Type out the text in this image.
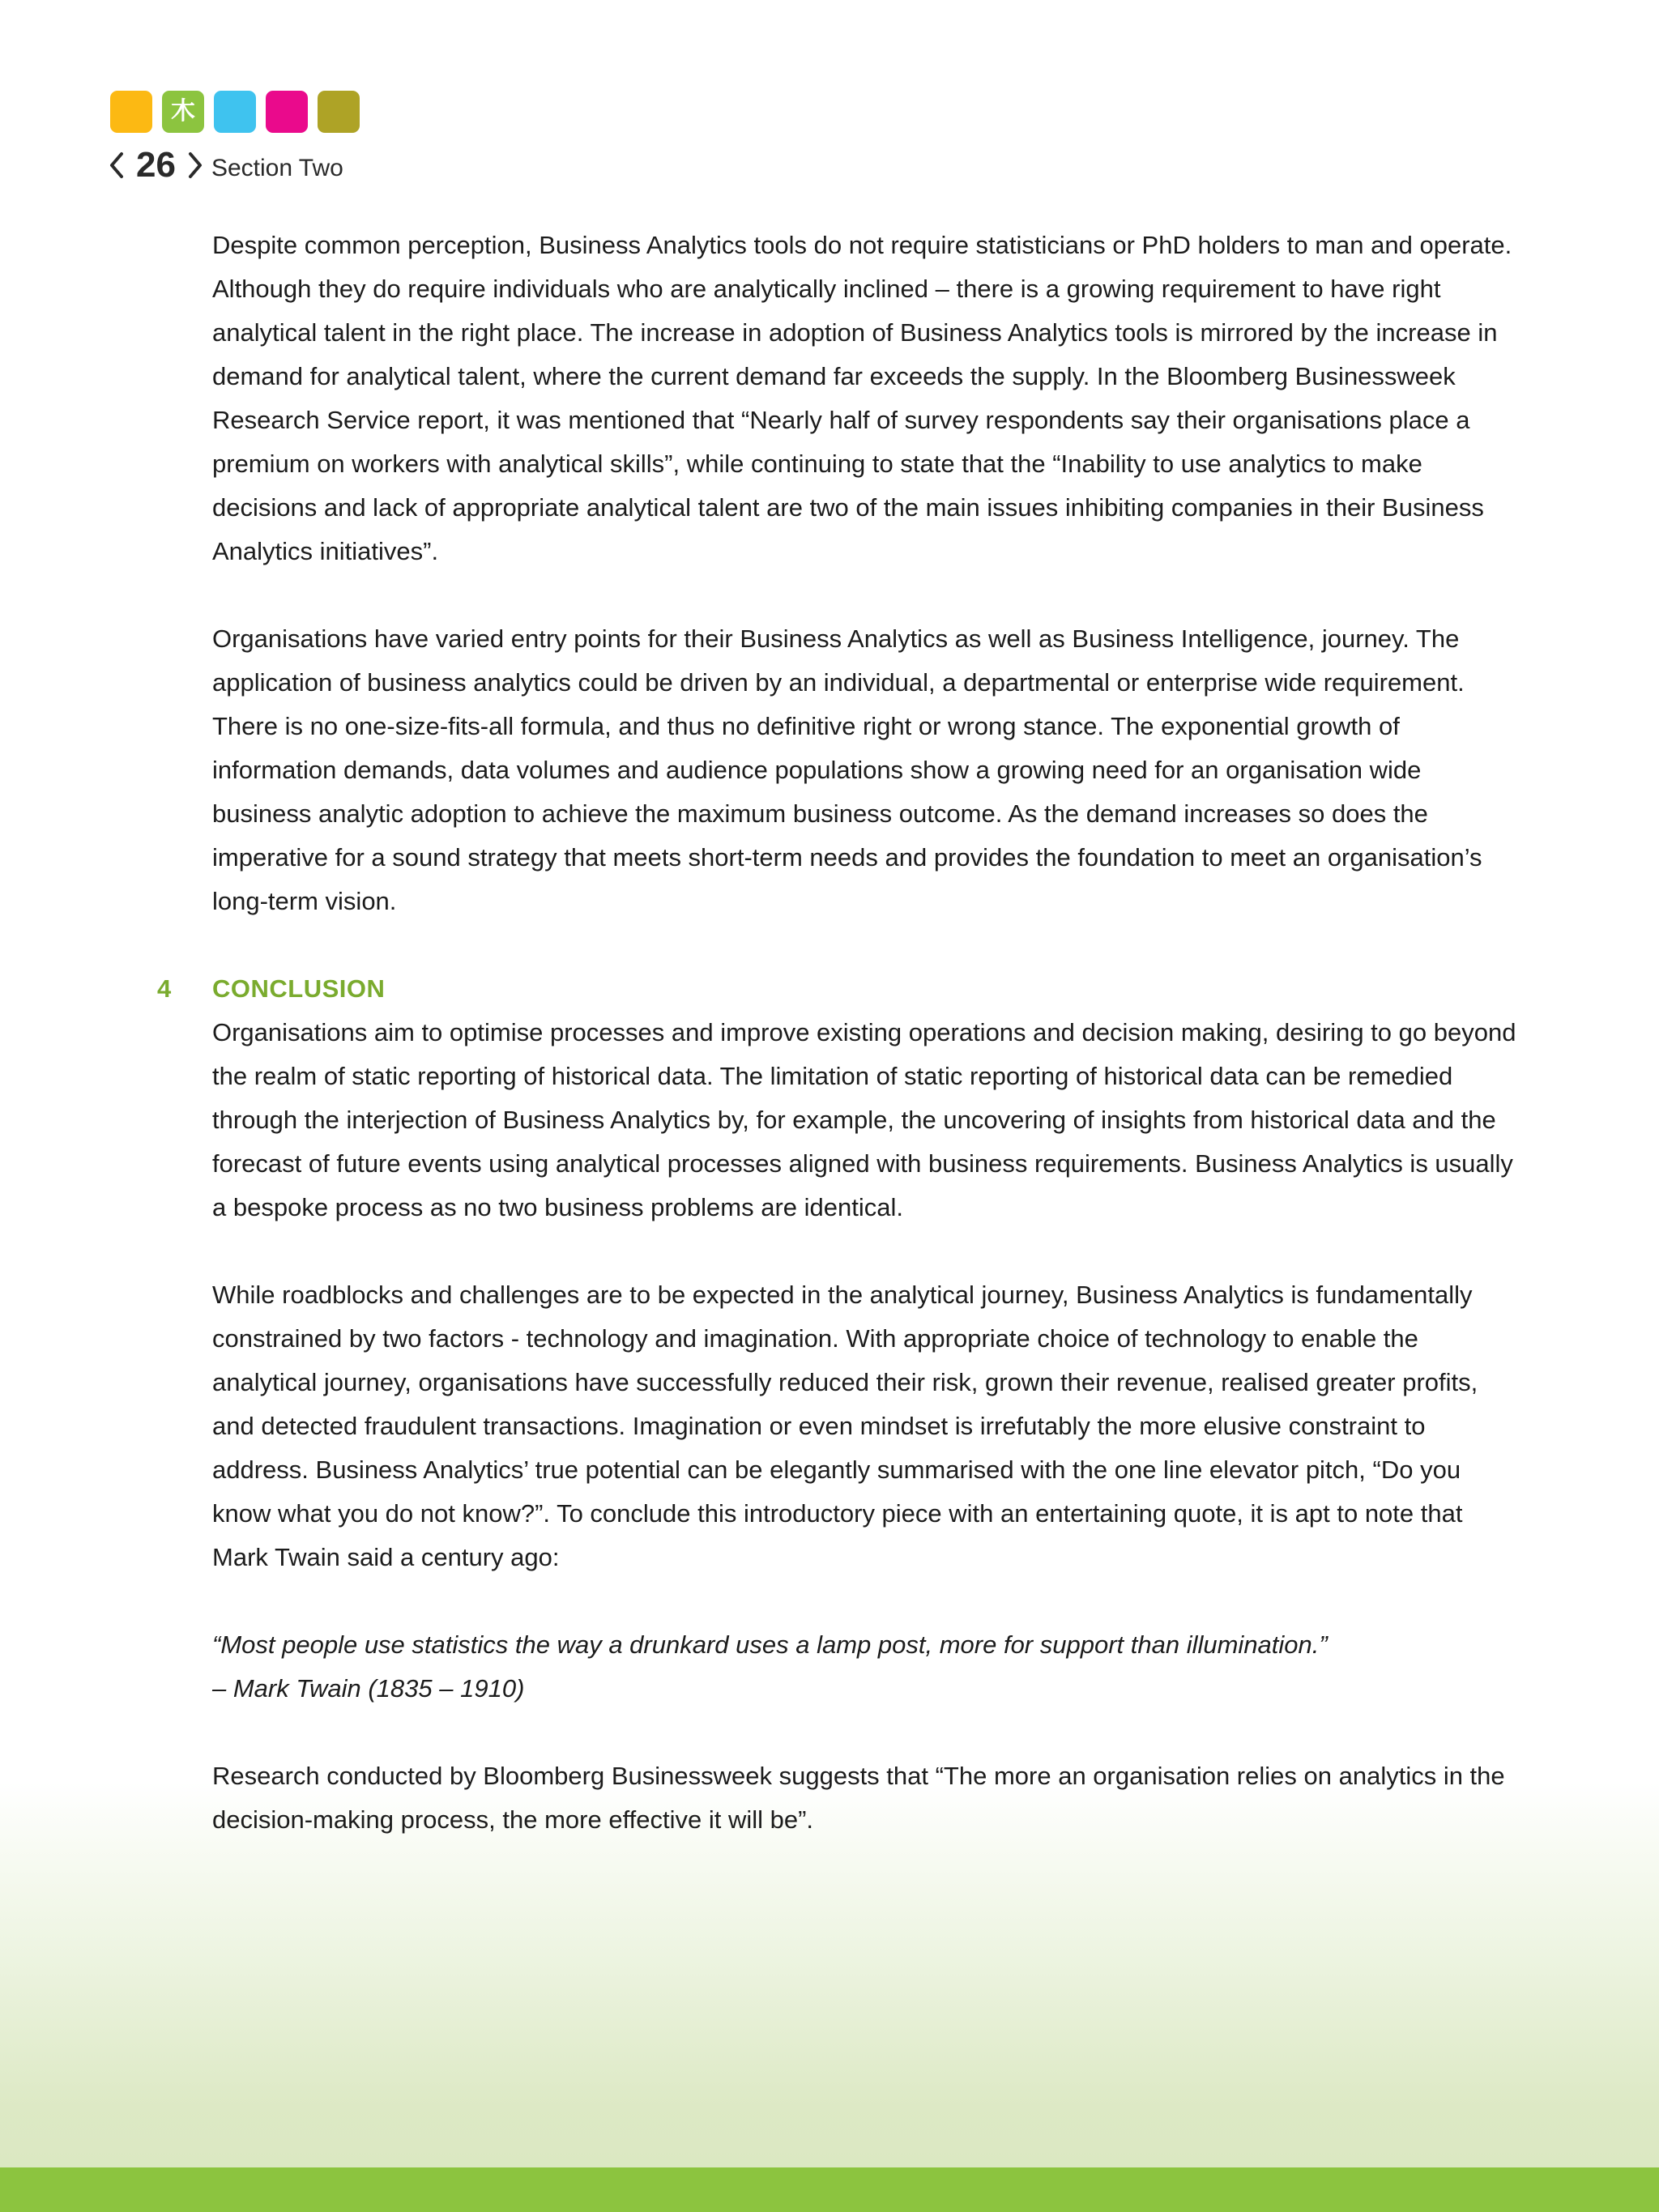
木
26 Section Two

Despite common perception, Business Analytics tools do not require statisticians or PhD holders to man and operate. Although they do require individuals who are analytically inclined – there is a growing requirement to have right analytical talent in the right place. The increase in adoption of Business Analytics tools is mirrored by the increase in demand for analytical talent, where the current demand far exceeds the supply. In the Bloomberg Businessweek Research Service report, it was mentioned that “Nearly half of survey respondents say their organisations place a premium on workers with analytical skills”, while continuing to state that the “Inability to use analytics to make decisions and lack of appropriate analytical talent are two of the main issues inhibiting companies in their Business Analytics initiatives”.

Organisations have varied entry points for their Business Analytics as well as Business Intelligence, journey. The application of business analytics could be driven by an individual, a departmental or enterprise wide requirement. There is no one-size-fits-all formula, and thus no definitive right or wrong stance. The exponential growth of information demands, data volumes and audience populations show a growing need for an organisation wide business analytic adoption to achieve the maximum business outcome. As the demand increases so does the imperative for a sound strategy that meets short-term needs and provides the foundation to meet an organisation’s long-term vision.

4 CONCLUSION

Organisations aim to optimise processes and improve existing operations and decision making, desiring to go beyond the realm of static reporting of historical data. The limitation of static reporting of historical data can be remedied through the interjection of Business Analytics by, for example, the uncovering of insights from historical data and the forecast of future events using analytical processes aligned with business requirements. Business Analytics is usually a bespoke process as no two business problems are identical.

While roadblocks and challenges are to be expected in the analytical journey, Business Analytics is fundamentally constrained by two factors - technology and imagination. With appropriate choice of technology to enable the analytical journey, organisations have successfully reduced their risk, grown their revenue, realised greater profits, and detected fraudulent transactions. Imagination or even mindset is irrefutably the more elusive constraint to address. Business Analytics’ true potential can be elegantly summarised with the one line elevator pitch, “Do you know what you do not know?”. To conclude this introductory piece with an entertaining quote, it is apt to note that Mark Twain said a century ago:

“Most people use statistics the way a drunkard uses a lamp post, more for support than illumination.”

– Mark Twain (1835 – 1910)

Research conducted by Bloomberg Businessweek suggests that “The more an organisation relies on analytics in the decision-making process, the more effective it will be”.
